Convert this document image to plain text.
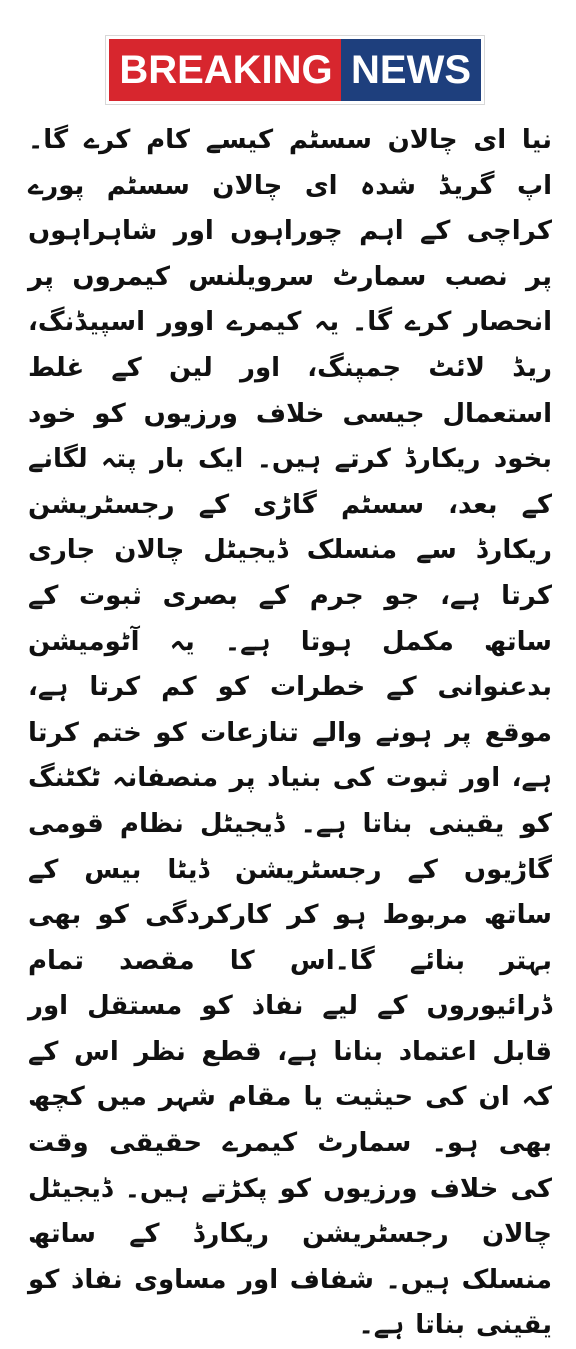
BREAKING NEWS

نیا ای چالان سسٹم کیسے کام کرے گا۔ اپ گریڈ شدہ ای چالان سسٹم پورے کراچی کے اہم چوراہوں اور شاہراہوں پر نصب سمارٹ سرویلنس کیمروں پر انحصار کرے گا۔ یہ کیمرے اوور اسپیڈنگ، ریڈ لائٹ جمپنگ، اور لین کے غلط استعمال جیسی خلاف ورزیوں کو خود بخود ریکارڈ کرتے ہیں۔ ایک بار پتہ لگانے کے بعد، سسٹم گاڑی کے رجسٹریشن ریکارڈ سے منسلک ڈیجیٹل چالان جاری کرتا ہے، جو جرم کے بصری ثبوت کے ساتھ مکمل ہوتا ہے۔ یہ آٹومیشن بدعنوانی کے خطرات کو کم کرتا ہے، موقع پر ہونے والے تنازعات کو ختم کرتا ہے، اور ثبوت کی بنیاد پر منصفانہ ٹکٹنگ کو یقینی بناتا ہے۔ ڈیجیٹل نظام قومی گاڑیوں کے رجسٹریشن ڈیٹا بیس کے ساتھ مربوط ہو کر کارکردگی کو بھی بہتر بنائے گا۔اس کا مقصد تمام ڈرائیوروں کے لیے نفاذ کو مستقل اور قابل اعتماد بنانا ہے، قطع نظر اس کے کہ ان کی حیثیت یا مقام شہر میں کچھ بھی ہو۔ سمارٹ کیمرے حقیقی وقت کی خلاف ورزیوں کو پکڑتے ہیں۔ ڈیجیٹل چالان رجسٹریشن ریکارڈ کے ساتھ منسلک ہیں۔ شفاف اور مساوی نفاذ کو یقینی بناتا ہے۔
